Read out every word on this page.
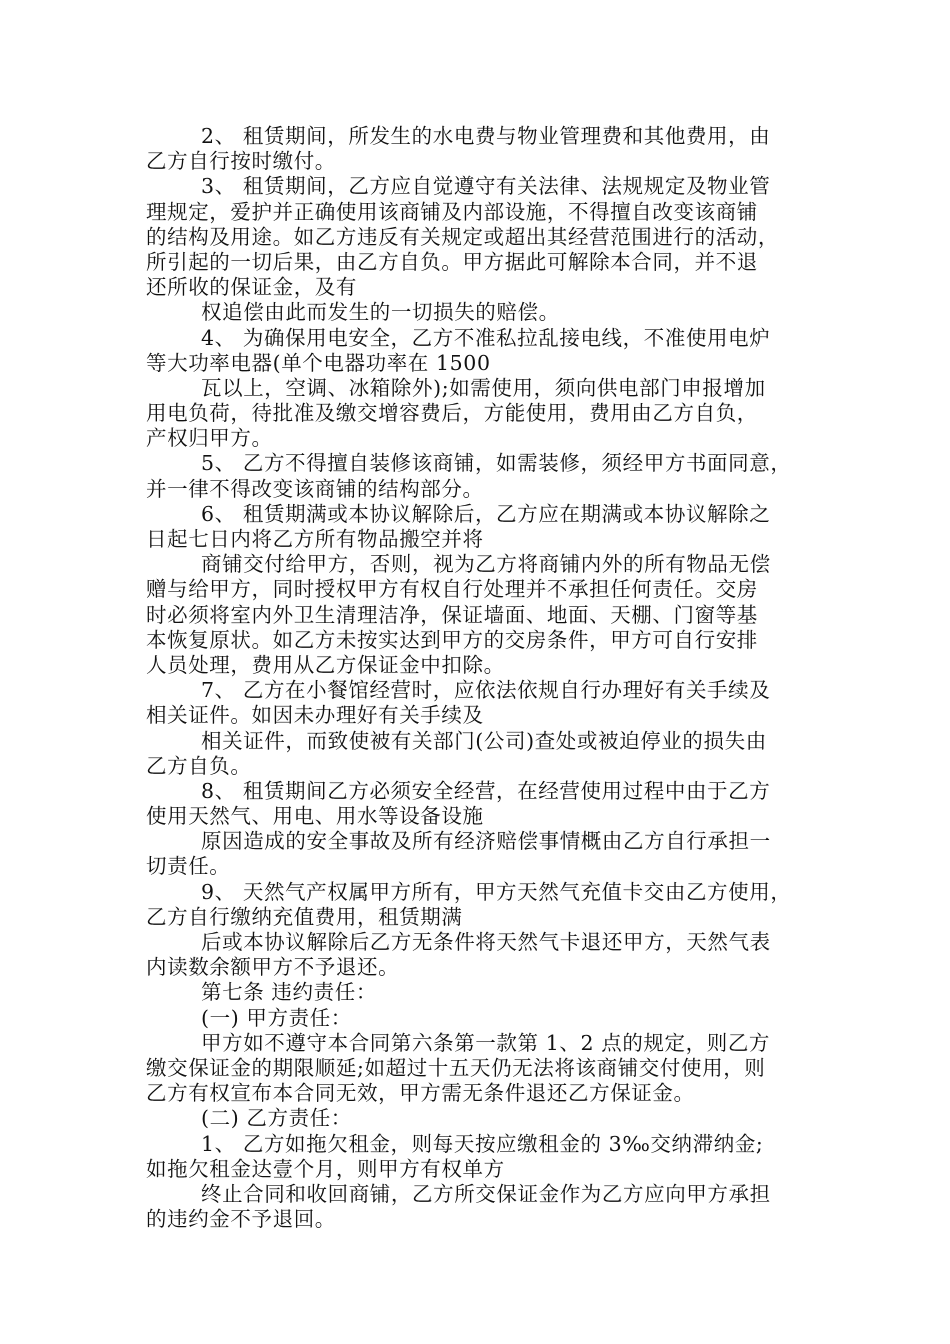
2、 租赁期间，所发生的水电费与物业管理费和其他费用，由
乙方自行按时缴付。
3、 租赁期间，乙方应自觉遵守有关法律、法规规定及物业管
理规定，爱护并正确使用该商铺及内部设施，不得擅自改变该商铺
的结构及用途。如乙方违反有关规定或超出其经营范围进行的活动，
所引起的一切后果，由乙方自负。甲方据此可解除本合同，并不退
还所收的保证金，及有
权追偿由此而发生的一切损失的赔偿。
4、 为确保用电安全，乙方不准私拉乱接电线，不准使用电炉
等大功率电器(单个电器功率在 1500
瓦以上，空调、冰箱除外);如需使用，须向供电部门申报增加
用电负荷，待批准及缴交增容费后，方能使用，费用由乙方自负，
产权归甲方。
5、 乙方不得擅自装修该商铺，如需装修，须经甲方书面同意，
并一律不得改变该商铺的结构部分。
6、 租赁期满或本协议解除后，乙方应在期满或本协议解除之
日起七日内将乙方所有物品搬空并将
商铺交付给甲方，否则，视为乙方将商铺内外的所有物品无偿
赠与给甲方，同时授权甲方有权自行处理并不承担任何责任。交房
时必须将室内外卫生清理洁净，保证墙面、地面、天棚、门窗等基
本恢复原状。如乙方未按实达到甲方的交房条件，甲方可自行安排
人员处理，费用从乙方保证金中扣除。
7、 乙方在小餐馆经营时，应依法依规自行办理好有关手续及
相关证件。如因未办理好有关手续及
相关证件，而致使被有关部门(公司)查处或被迫停业的损失由
乙方自负。
8、 租赁期间乙方必须安全经营，在经营使用过程中由于乙方
使用天然气、用电、用水等设备设施
原因造成的安全事故及所有经济赔偿事情概由乙方自行承担一
切责任。
9、 天然气产权属甲方所有，甲方天然气充值卡交由乙方使用，
乙方自行缴纳充值费用，租赁期满
后或本协议解除后乙方无条件将天然气卡退还甲方，天然气表
内读数余额甲方不予退还。
第七条 违约责任：
(一) 甲方责任：
甲方如不遵守本合同第六条第一款第 1、2 点的规定，则乙方
缴交保证金的期限顺延;如超过十五天仍无法将该商铺交付使用，则
乙方有权宣布本合同无效，甲方需无条件退还乙方保证金。
(二) 乙方责任：
1、 乙方如拖欠租金，则每天按应缴租金的 3‰交纳滞纳金;
如拖欠租金达壹个月，则甲方有权单方
终止合同和收回商铺，乙方所交保证金作为乙方应向甲方承担
的违约金不予退回。
